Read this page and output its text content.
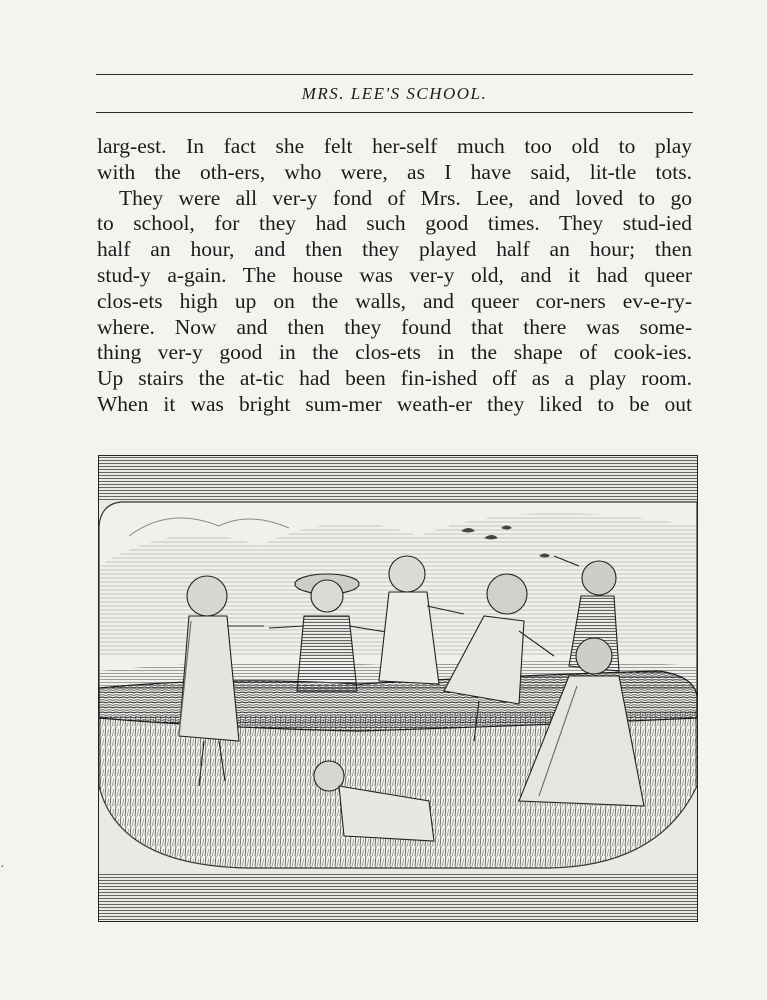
MRS. LEE'S SCHOOL.
larg-est. In fact she felt her-self much too old to play
with the oth-ers, who were, as I have said, lit-tle tots.
They were all ver-y fond of Mrs. Lee, and loved to go
to school, for they had such good times. They stud-ied
half an hour, and then they played half an hour; then
stud-y a-gain. The house was ver-y old, and it had queer
clos-ets high up on the walls, and queer cor-ners ev-e-ry-
where. Now and then they found that there was some-
thing ver-y good in the clos-ets in the shape of cook-ies.
Up stairs the at-tic had been fin-ished off as a play room.
When it was bright sum-mer weath-er they liked to be out
·
